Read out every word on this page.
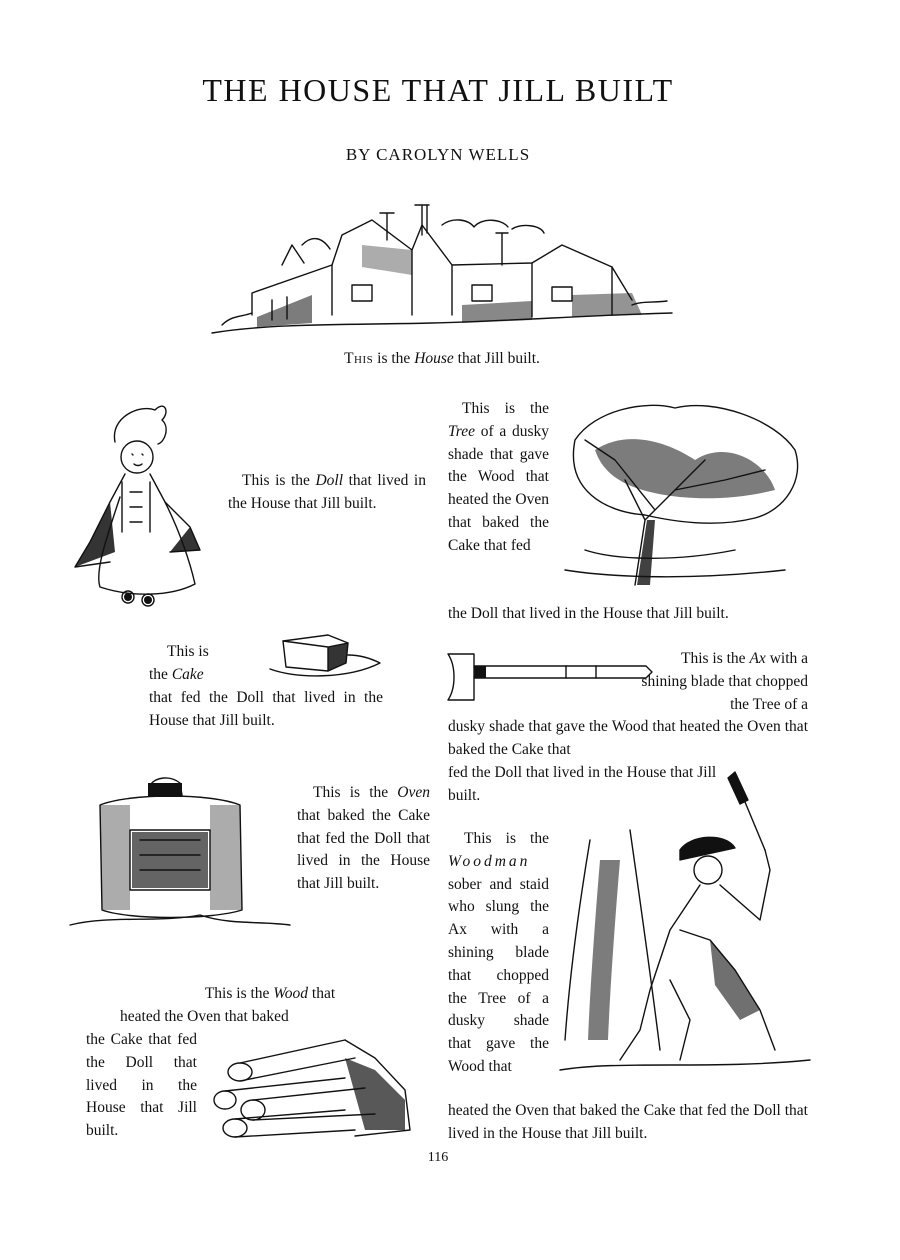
THE HOUSE THAT JILL BUILT
BY CAROLYN WELLS
This is the House that Jill built.
This is the Doll that lived in the House that Jill built.
This is the Tree of a dusky shade that gave the Wood that heated the Oven that baked the Cake that fed
the Doll that lived in the House that Jill built.
This is
the Cake
that fed the Doll that lived in the House that Jill built.
This is the Ax with a shining blade that chopped the Tree of a
dusky shade that gave the Wood that heated the Oven that baked the Cake that
fed the Doll that lived in the House that Jill built.
This is the Oven that baked the Cake that fed the Doll that lived in the House that Jill built.
This is the Woodman sober and staid who slung the Ax with a shining blade that chopped the Tree of a dusky shade that gave the Wood that
heated the Oven that baked the Cake that fed the Doll that lived in the House that Jill built.
This is the Wood that
heated the Oven that baked
the Cake that fed the Doll that lived in the House that Jill built.
116
